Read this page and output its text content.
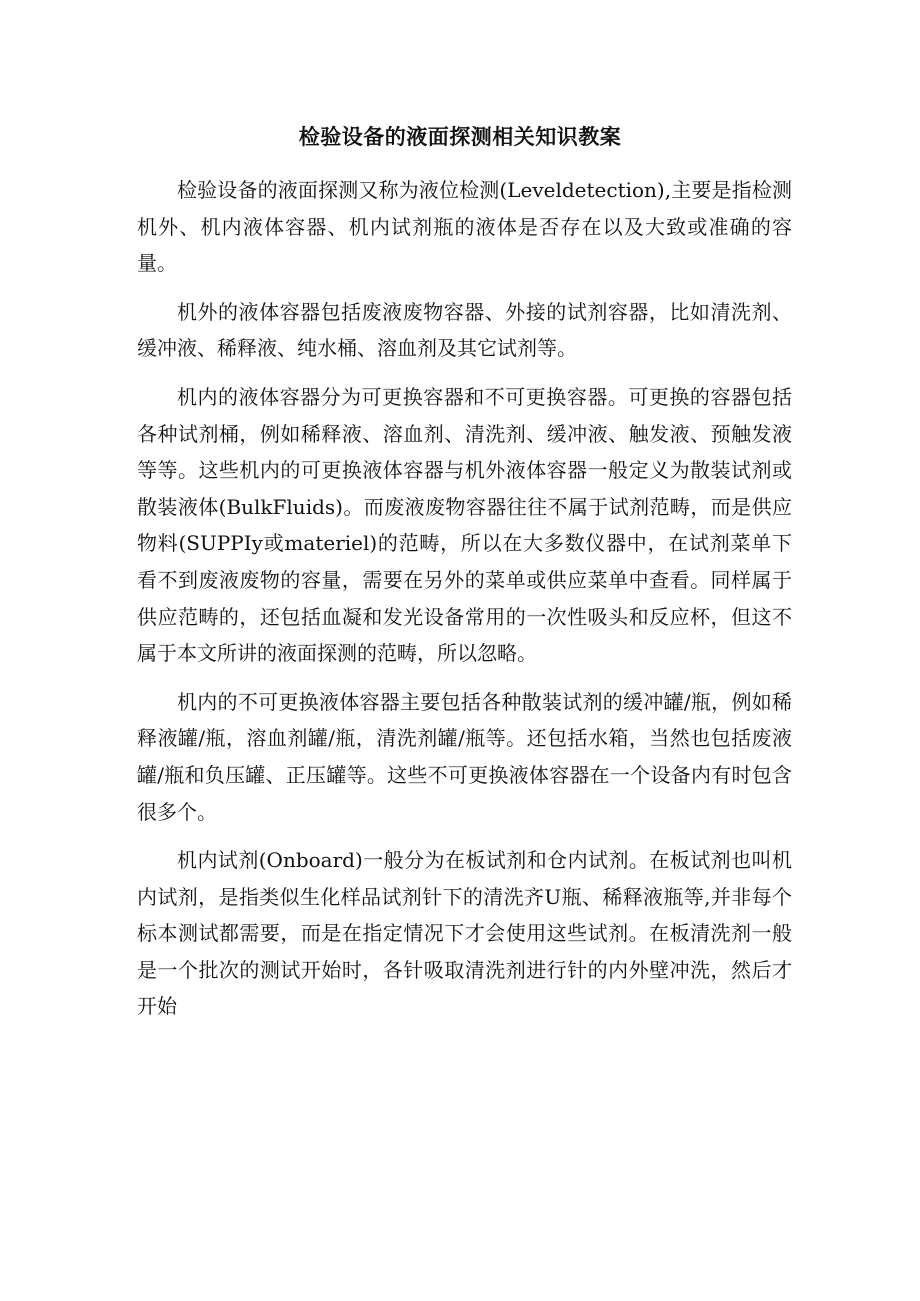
检验设备的液面探测相关知识教案

检验设备的液面探测又称为液位检测(Leveldetection),主要是指检测机外、机内液体容器、机内试剂瓶的液体是否存在以及大致或准确的容量。

机外的液体容器包括废液废物容器、外接的试剂容器，比如清洗剂、缓冲液、稀释液、纯水桶、溶血剂及其它试剂等。

机内的液体容器分为可更换容器和不可更换容器。可更换的容器包括各种试剂桶，例如稀释液、溶血剂、清洗剂、缓冲液、触发液、预触发液等等。这些机内的可更换液体容器与机外液体容器一般定义为散装试剂或散装液体(BulkFluids)。而废液废物容器往往不属于试剂范畴，而是供应物料(SUPPIy或materiel)的范畴，所以在大多数仪器中，在试剂菜单下看不到废液废物的容量，需要在另外的菜单或供应菜单中查看。同样属于供应范畴的，还包括血凝和发光设备常用的一次性吸头和反应杯，但这不属于本文所讲的液面探测的范畴，所以忽略。

机内的不可更换液体容器主要包括各种散装试剂的缓冲罐/瓶，例如稀释液罐/瓶，溶血剂罐/瓶，清洗剂罐/瓶等。还包括水箱，当然也包括废液罐/瓶和负压罐、正压罐等。这些不可更换液体容器在一个设备内有时包含很多个。

机内试剂(Onboard)一般分为在板试剂和仓内试剂。在板试剂也叫机内试剂，是指类似生化样品试剂针下的清洗齐U瓶、稀释液瓶等,并非每个标本测试都需要，而是在指定情况下才会使用这些试剂。在板清洗剂一般是一个批次的测试开始时，各针吸取清洗剂进行针的内外壁冲洗，然后才开始
